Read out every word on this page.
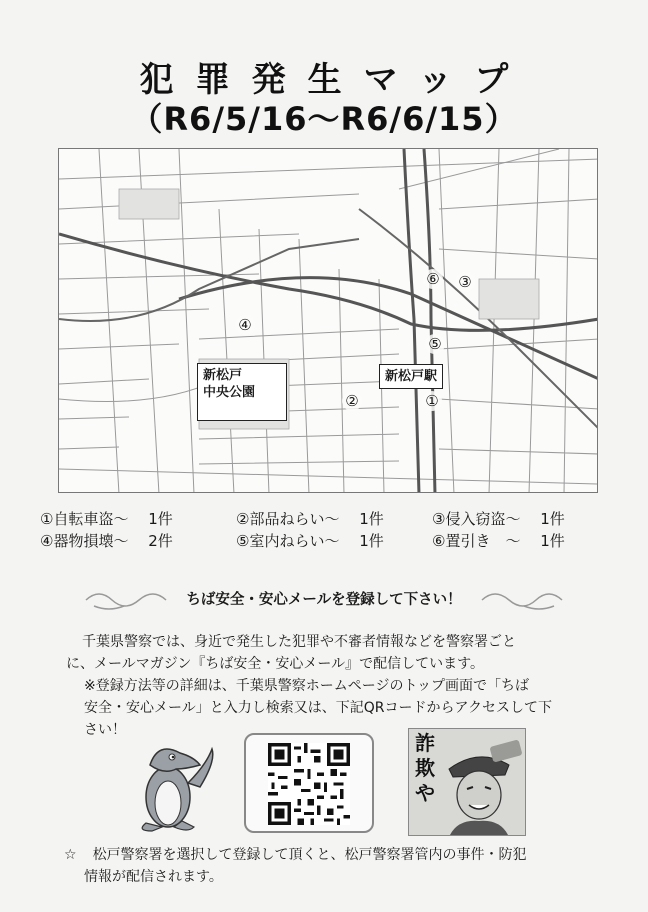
犯罪発生マップ
（R6/5/16～R6/6/15）
⑥ ③
④
⑤
②	①
新松戸
中央公園
新松戸駅
①自転車盗～　 1件	②部品ねらい～　 1件	③侵入窃盗～　 1件
④器物損壊～　 2件	⑤室内ねらい～　 1件	⑥置引き　～　 1件
ちば安全・安心メールを登録して下さい！
千葉県警察では、身近で発生した犯罪や不審者情報などを警察署ごと
に、メールマガジン『ちば安全・安心メール』で配信しています。
※登録方法等の詳細は、千葉県警察ホームページのトップ画面で「ちば
安全・安心メール」と入力し検索又は、下記QRコードからアクセスして下
さい！
詐欺や
☆ 松戸警察署を選択して登録して頂くと、松戸警察署管内の事件・防犯
情報が配信されます。
